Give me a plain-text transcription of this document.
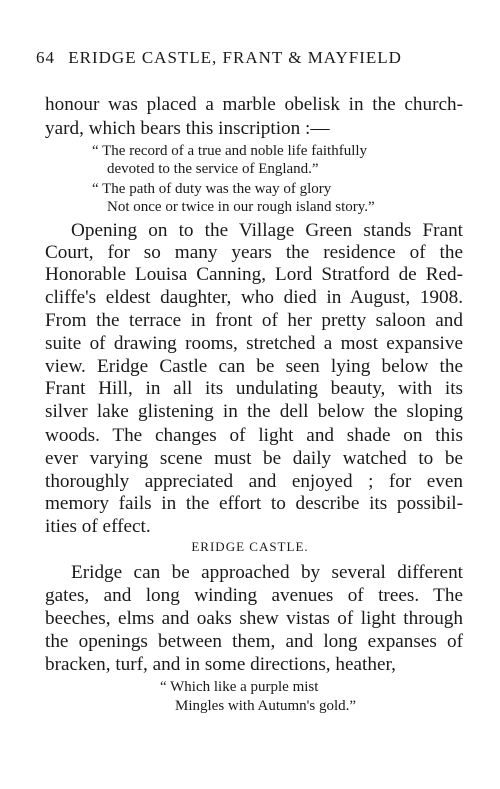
64 ERIDGE CASTLE, FRANT & MAYFIELD
honour was placed a marble obelisk in the church-
yard, which bears this inscription :—
“ The record of a true and noble life faithfully
devoted to the service of England.”
“ The path of duty was the way of glory
Not once or twice in our rough island story.”
Opening on to the Village Green stands Frant
Court, for so many years the residence of the
Honorable Louisa Canning, Lord Stratford de Red-
cliffe's eldest daughter, who died in August, 1908.
From the terrace in front of her pretty saloon and
suite of drawing rooms, stretched a most expansive
view. Eridge Castle can be seen lying below the
Frant Hill, in all its undulating beauty, with its
silver lake glistening in the dell below the sloping
woods. The changes of light and shade on this
ever varying scene must be daily watched to be
thoroughly appreciated and enjoyed ; for even
memory fails in the effort to describe its possibil-
ities of effect.
ERIDGE CASTLE.
Eridge can be approached by several different
gates, and long winding avenues of trees. The
beeches, elms and oaks shew vistas of light through
the openings between them, and long expanses of
bracken, turf, and in some directions, heather,
“ Which like a purple mist
Mingles with Autumn's gold.”
